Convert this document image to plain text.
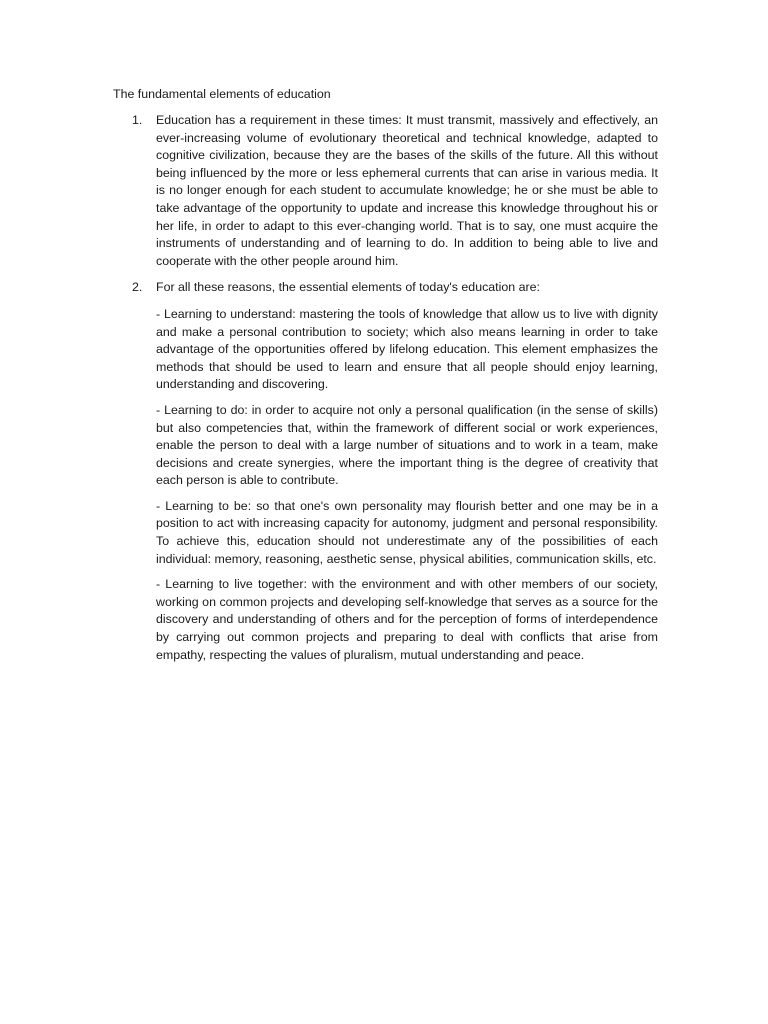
The fundamental elements of education
1. Education has a requirement in these times: It must transmit, massively and effectively, an ever-increasing volume of evolutionary theoretical and technical knowledge, adapted to cognitive civilization, because they are the bases of the skills of the future. All this without being influenced by the more or less ephemeral currents that can arise in various media. It is no longer enough for each student to accumulate knowledge; he or she must be able to take advantage of the opportunity to update and increase this knowledge throughout his or her life, in order to adapt to this ever-changing world. That is to say, one must acquire the instruments of understanding and of learning to do. In addition to being able to live and cooperate with the other people around him.

2. For all these reasons, the essential elements of today's education are:

- Learning to understand: mastering the tools of knowledge that allow us to live with dignity and make a personal contribution to society; which also means learning in order to take advantage of the opportunities offered by lifelong education. This element emphasizes the methods that should be used to learn and ensure that all people should enjoy learning, understanding and discovering.

- Learning to do: in order to acquire not only a personal qualification (in the sense of skills) but also competencies that, within the framework of different social or work experiences, enable the person to deal with a large number of situations and to work in a team, make decisions and create synergies, where the important thing is the degree of creativity that each person is able to contribute.

- Learning to be: so that one's own personality may flourish better and one may be in a position to act with increasing capacity for autonomy, judgment and personal responsibility. To achieve this, education should not underestimate any of the possibilities of each individual: memory, reasoning, aesthetic sense, physical abilities, communication skills, etc.

- Learning to live together: with the environment and with other members of our society, working on common projects and developing self-knowledge that serves as a source for the discovery and understanding of others and for the perception of forms of interdependence by carrying out common projects and preparing to deal with conflicts that arise from empathy, respecting the values of pluralism, mutual understanding and peace.
